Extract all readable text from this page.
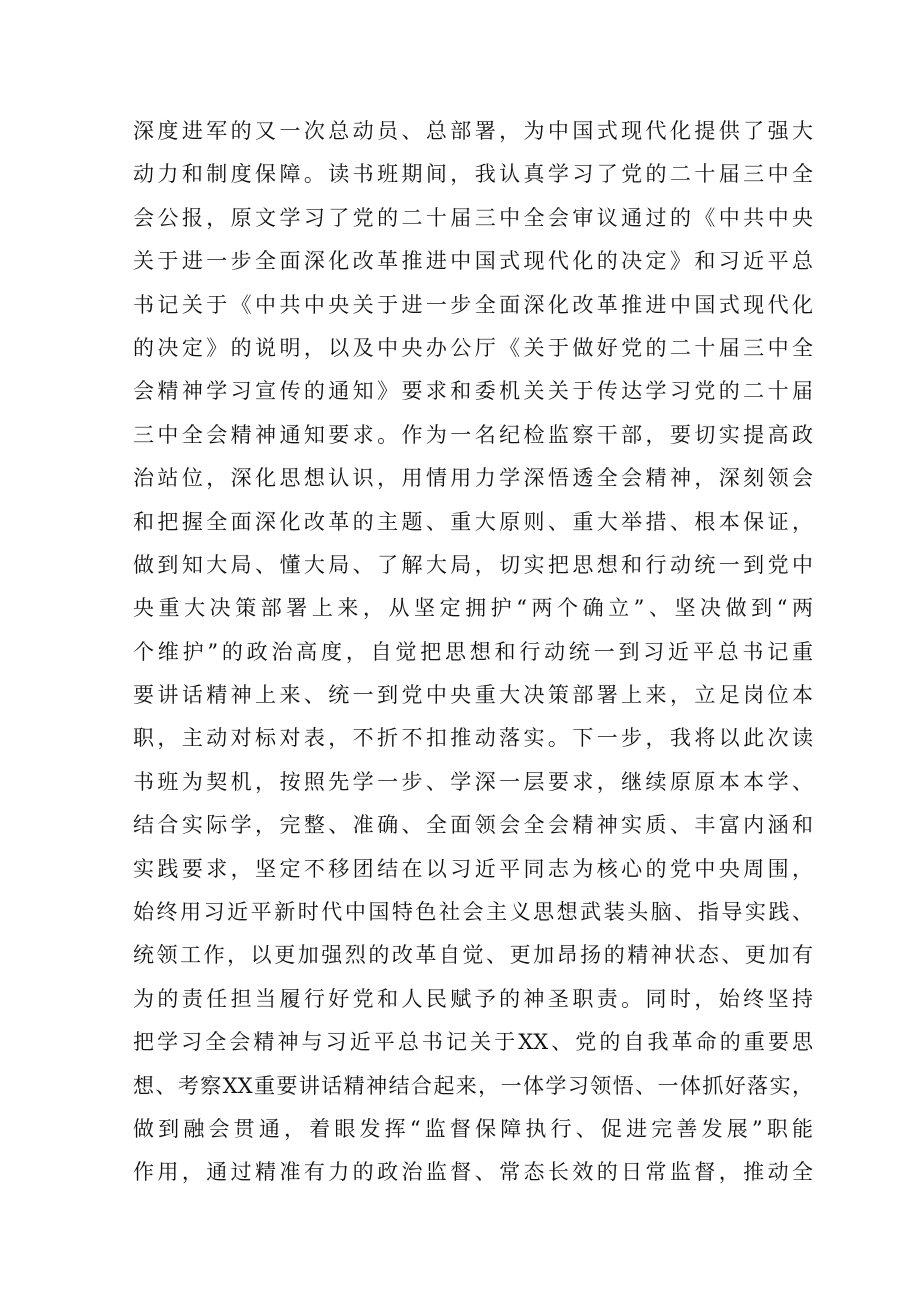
深度进军的又一次总动员、总部署，为中国式现代化提供了强大
动力和制度保障。读书班期间，我认真学习了党的二十届三中全
会公报，原文学习了党的二十届三中全会审议通过的《中共中央
关于进一步全面深化改革推进中国式现代化的决定》和习近平总
书记关于《中共中央关于进一步全面深化改革推进中国式现代化
的决定》的说明，以及中央办公厅《关于做好党的二十届三中全
会精神学习宣传的通知》要求和委机关关于传达学习党的二十届
三中全会精神通知要求。作为一名纪检监察干部，要切实提高政
治站位，深化思想认识，用情用力学深悟透全会精神，深刻领会
和把握全面深化改革的主题、重大原则、重大举措、根本保证，
做到知大局、懂大局、了解大局，切实把思想和行动统一到党中
央重大决策部署上来，从坚定拥护“两个确立”、坚决做到“两
个维护”的政治高度，自觉把思想和行动统一到习近平总书记重
要讲话精神上来、统一到党中央重大决策部署上来，立足岗位本
职，主动对标对表，不折不扣推动落实。下一步，我将以此次读
书班为契机，按照先学一步、学深一层要求，继续原原本本学、
结合实际学，完整、准确、全面领会全会精神实质、丰富内涵和
实践要求，坚定不移团结在以习近平同志为核心的党中央周围，
始终用习近平新时代中国特色社会主义思想武装头脑、指导实践、
统领工作，以更加强烈的改革自觉、更加昂扬的精神状态、更加有
为的责任担当履行好党和人民赋予的神圣职责。同时，始终坚持
把学习全会精神与习近平总书记关于XX、党的自我革命的重要思
想、考察XX重要讲话精神结合起来，一体学习领悟、一体抓好落实，
做到融会贯通，着眼发挥“监督保障执行、促进完善发展”职能
作用，通过精准有力的政治监督、常态长效的日常监督，推动全
